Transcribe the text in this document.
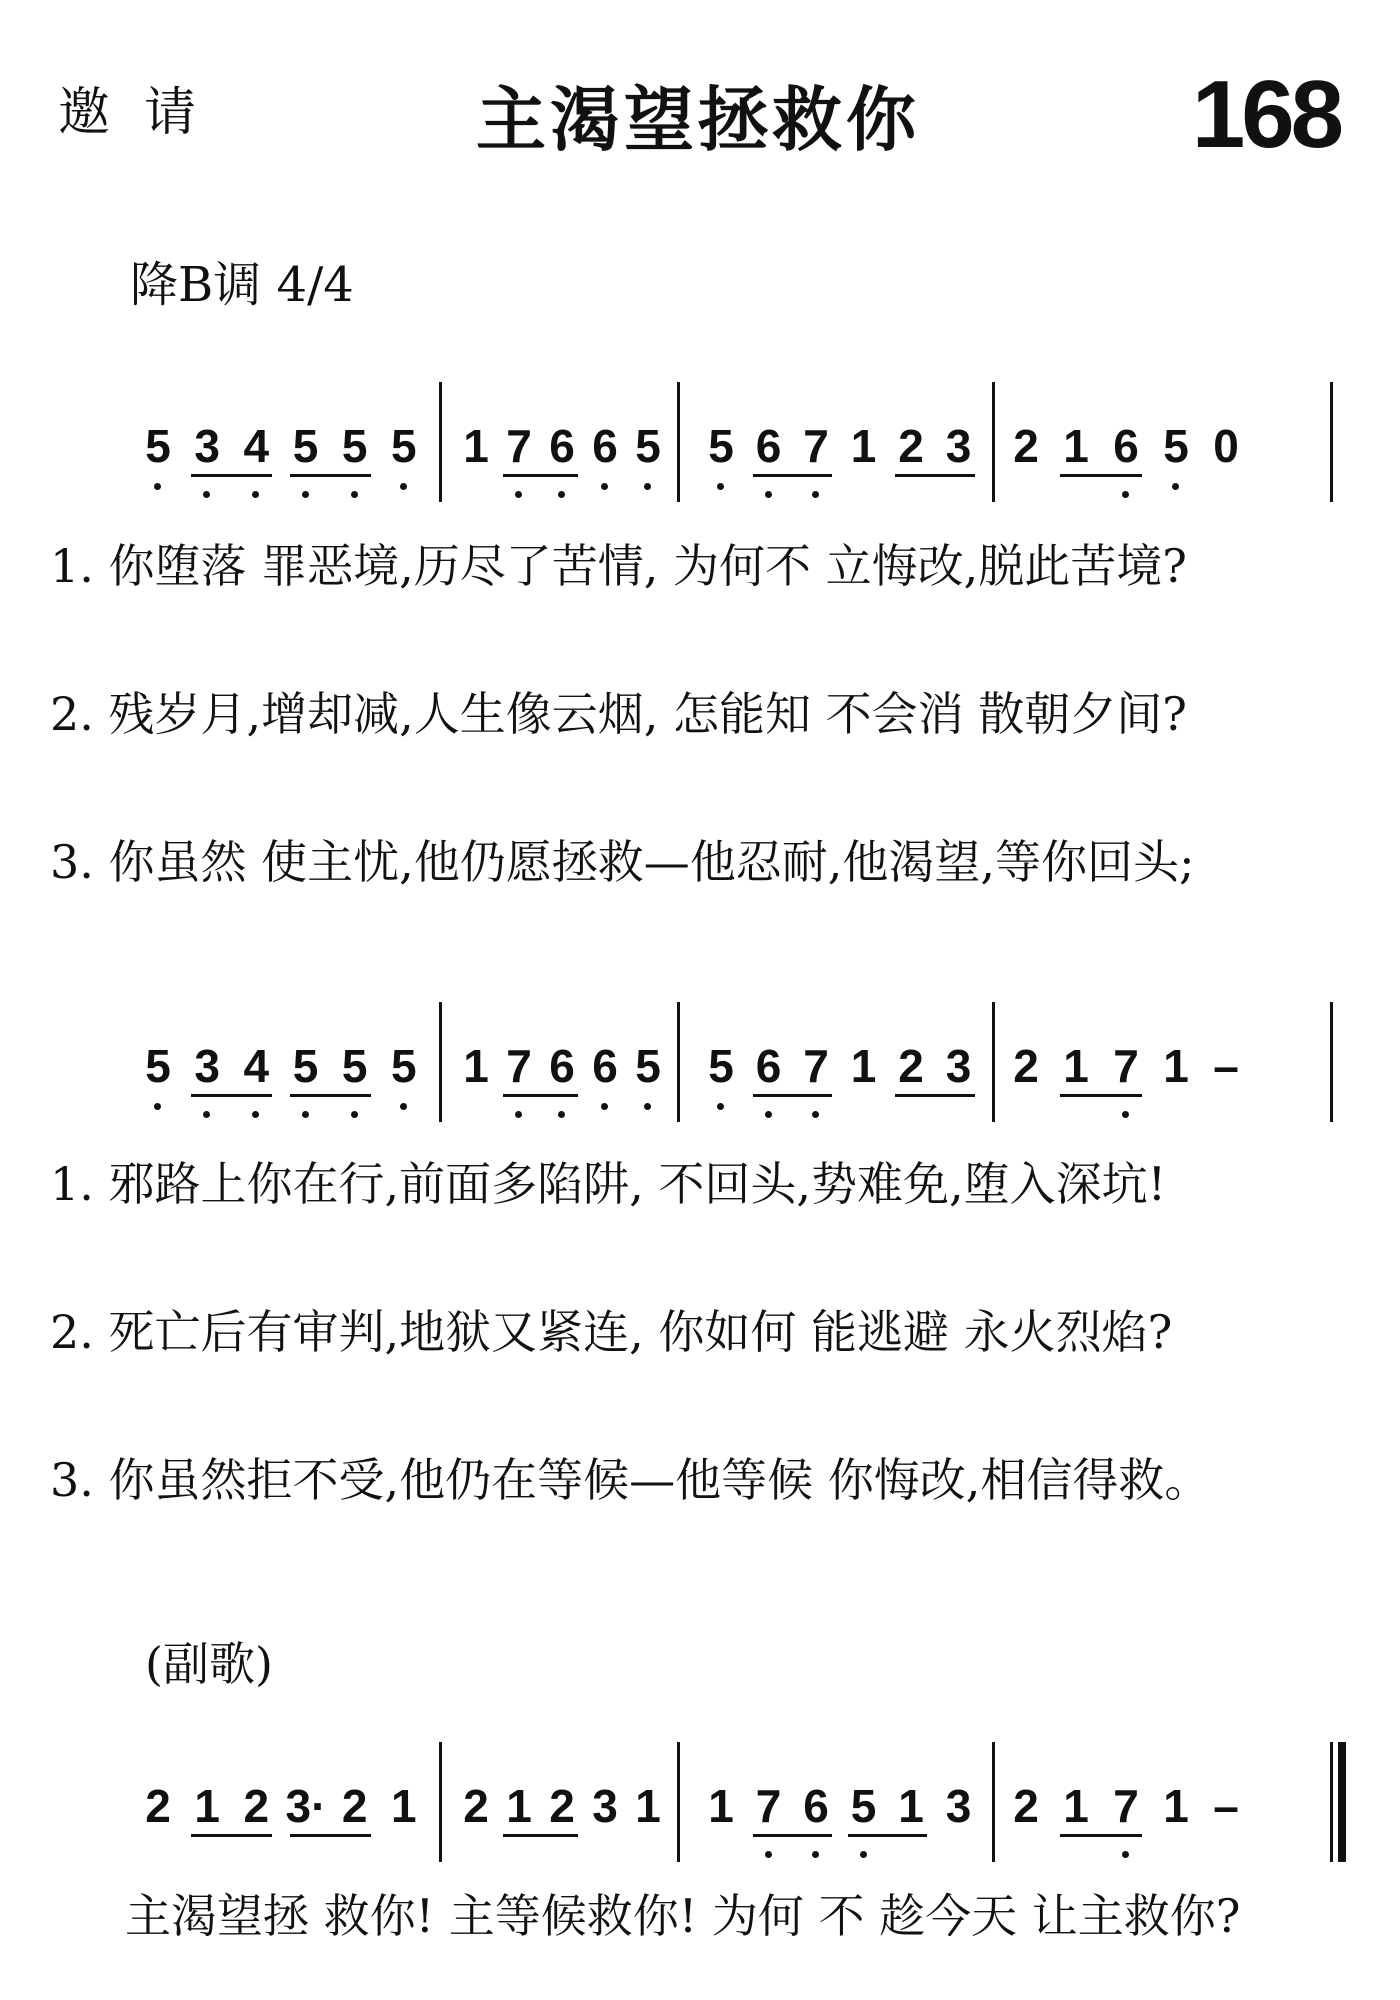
邀请	主渴望拯救你	168
降B调 4/4
5 3 4 5 5 5 1 7 6 6 5 5 6 7 1 2 3 2 1 6 5 0
1. 你堕落 罪恶境,历尽了苦情, 为何不 立悔改,脱此苦境?
2. 残岁月,增却减,人生像云烟, 怎能知 不会消 散朝夕间?
3. 你虽然 使主忧,他仍愿拯救—他忍耐,他渴望,等你回头;
5 3 4 5 5 5 1 7 6 6 5 5 6 7 1 2 3 2 1 7 1 –
1. 邪路上你在行,前面多陷阱, 不回头,势难免,堕入深坑!
2. 死亡后有审判,地狱又紧连, 你如何 能逃避 永火烈焰?
3. 你虽然拒不受,他仍在等候—他等候 你悔改,相信得救。
(副歌)
2 1 2 3· 2 1 2 1 2 3 1 1 7 6 5 1 3 2 1 7 1 –
主渴望拯 救你! 主等候救你! 为何 不 趁今天 让主救你?
